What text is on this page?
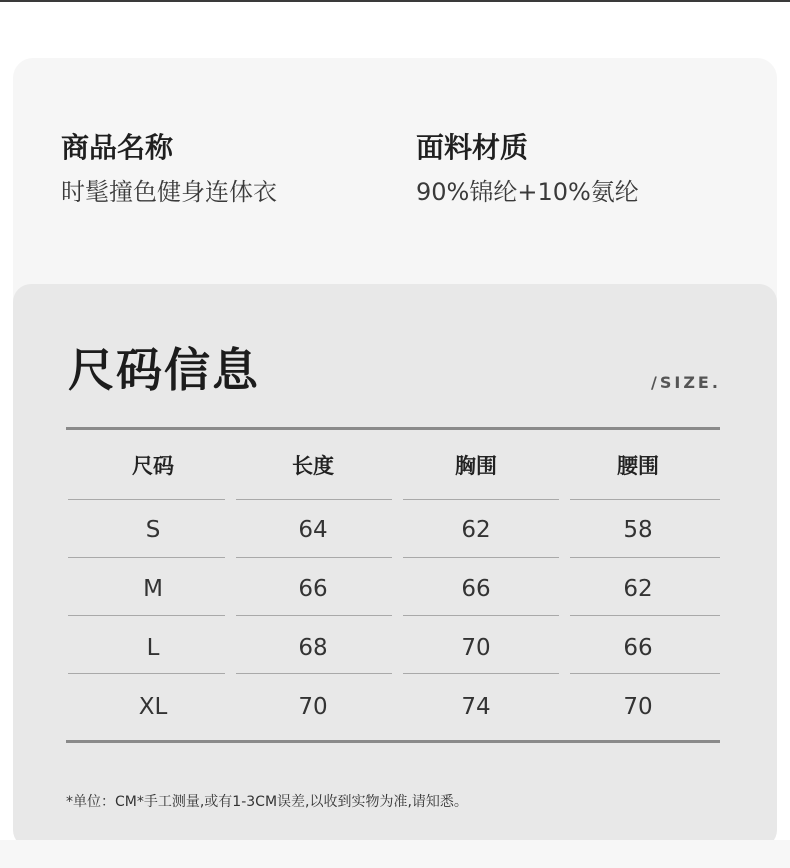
商品名称
时髦撞色健身连体衣
面料材质
90%锦纶+10%氨纶
尺码信息	/SIZE.
尺码	长度	胸围	腰围
S	64	62	58
M	66	66	62
L	68	70	66
XL	70	74	70
*单位：CM*手工测量,或有1-3CM误差,以收到实物为准,请知悉。
